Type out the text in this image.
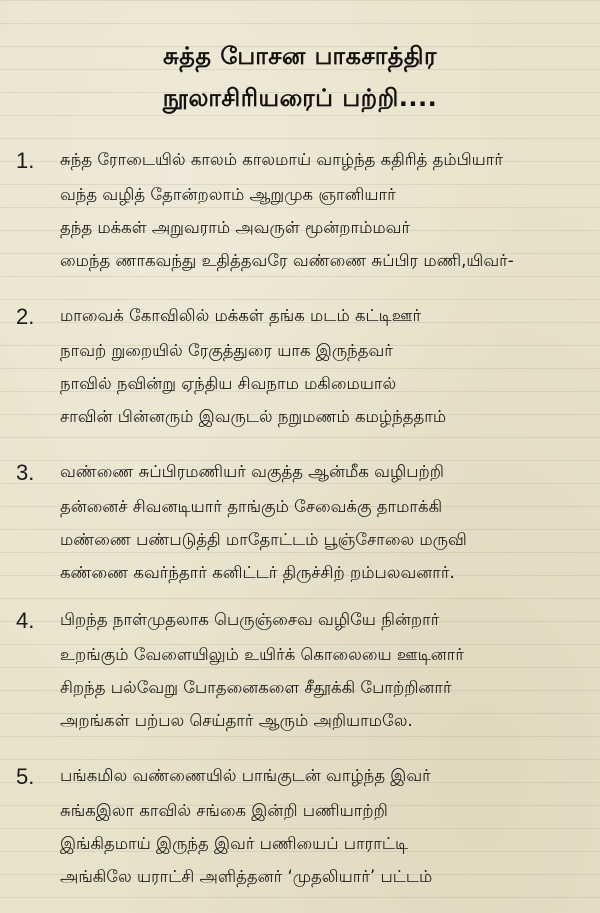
சுத்த போசன பாகசாத்திர
நூலாசிரியரைப் பற்றி....
1. சுந்த ரோடையில் காலம் காலமாய் வாழ்ந்த கதிரித் தம்பியார்
வந்த வழித் தோன்றலாம் ஆறுமுக ஞானியார்
தந்த மக்கள் அறுவராம் அவருள் மூன்றாம்மவர்
மைந்த ணாகவந்து உதித்தவரே வண்ணை சுப்பிர மணி,யிவர்-
2. மாவைக் கோவிலில் மக்கள் தங்க மடம் கட்டிஊர்
நாவற் றுறையில் ரேகுத்துரை யாக இருந்தவர்
நாவில் நவின்று ஏந்திய சிவநாம மகிமையால்
சாவின் பின்னரும் இவருடல் நறுமணம் கமழ்ந்ததாம்
3. வண்ணை சுப்பிரமணியர் வகுத்த ஆன்மீக வழிபற்றி
தன்னைச் சிவனடியார் தாங்கும் சேவைக்கு தாமாக்கி
மண்ணை பண்படுத்தி மாதோட்டம் பூஞ்சோலை மருவி
கண்ணை கவர்ந்தார் கனிட்டர் திருச்சிற் றம்பலவனார்.
4. பிறந்த நாள்முதலாக பெருஞ்சைவ வழியே நின்றார்
உறங்கும் வேளையிலும் உயிர்க் கொலையை ஊடினார்
சிறந்த பல்வேறு போதனைகளை சீதூக்கி போற்றினார்
அறங்கள் பற்பல செய்தார் ஆரும் அறியாமலே.
5. பங்கமில வண்ணையில் பாங்குடன் வாழ்ந்த இவர்
சுங்கஇலா காவில் சங்கை இன்றி பணியாற்றி
இங்கிதமாய் இருந்த இவர் பணியைப் பாராட்டி
அங்கிலே யராட்சி அளித்தனர் ‘முதலியார்’ பட்டம்
